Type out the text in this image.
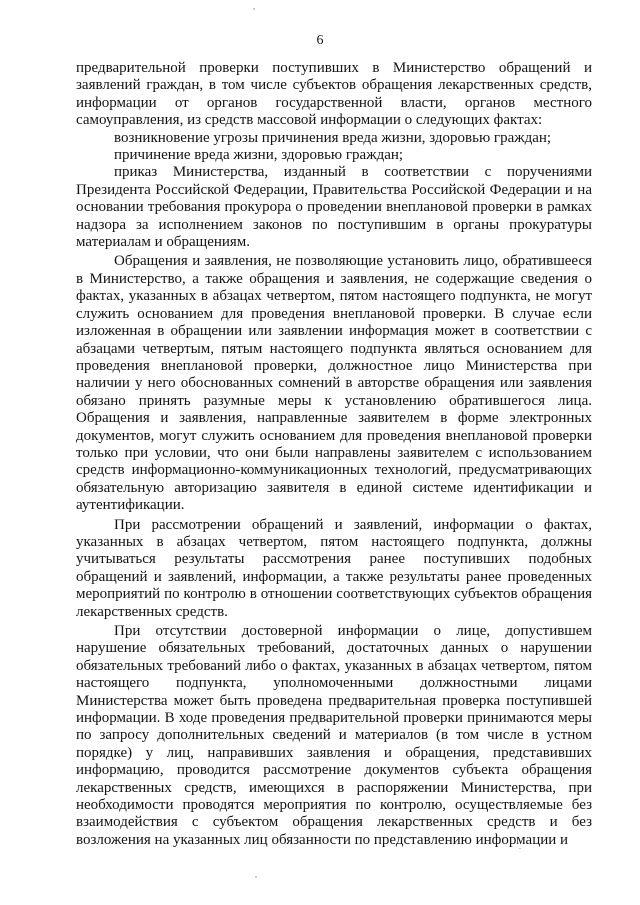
6

предварительной проверки поступивших в Министерство обращений и заявлений граждан, в том числе субъектов обращения лекарственных средств, информации от органов государственной власти, органов местного самоуправления, из средств массовой информации о следующих фактах:

возникновение угрозы причинения вреда жизни, здоровью граждан;

причинение вреда жизни, здоровью граждан;

приказ Министерства, изданный в соответствии с поручениями Президента Российской Федерации, Правительства Российской Федерации и на основании требования прокурора о проведении внеплановой проверки в рамках надзора за исполнением законов по поступившим в органы прокуратуры материалам и обращениям.

Обращения и заявления, не позволяющие установить лицо, обратившееся в Министерство, а также обращения и заявления, не содержащие сведения о фактах, указанных в абзацах четвертом, пятом настоящего подпункта, не могут служить основанием для проведения внеплановой проверки. В случае если изложенная в обращении или заявлении информация может в соответствии с абзацами четвертым, пятым настоящего подпункта являться основанием для проведения внеплановой проверки, должностное лицо Министерства при наличии у него обоснованных сомнений в авторстве обращения или заявления обязано принять разумные меры к установлению обратившегося лица. Обращения и заявления, направленные заявителем в форме электронных документов, могут служить основанием для проведения внеплановой проверки только при условии, что они были направлены заявителем с использованием средств информационно-коммуникационных технологий, предусматривающих обязательную авторизацию заявителя в единой системе идентификации и аутентификации.

При рассмотрении обращений и заявлений, информации о фактах, указанных в абзацах четвертом, пятом настоящего подпункта, должны учитываться результаты рассмотрения ранее поступивших подобных обращений и заявлений, информации, а также результаты ранее проведенных мероприятий по контролю в отношении соответствующих субъектов обращения лекарственных средств.

При отсутствии достоверной информации о лице, допустившем нарушение обязательных требований, достаточных данных о нарушении обязательных требований либо о фактах, указанных в абзацах четвертом, пятом настоящего подпункта, уполномоченными должностными лицами Министерства может быть проведена предварительная проверка поступившей информации. В ходе проведения предварительной проверки принимаются меры по запросу дополнительных сведений и материалов (в том числе в устном порядке) у лиц, направивших заявления и обращения, представивших информацию, проводится рассмотрение документов субъекта обращения лекарственных средств, имеющихся в распоряжении Министерства, при необходимости проводятся мероприятия по контролю, осуществляемые без взаимодействия с субъектом обращения лекарственных средств и без возложения на указанных лиц обязанности по представлению информации и
